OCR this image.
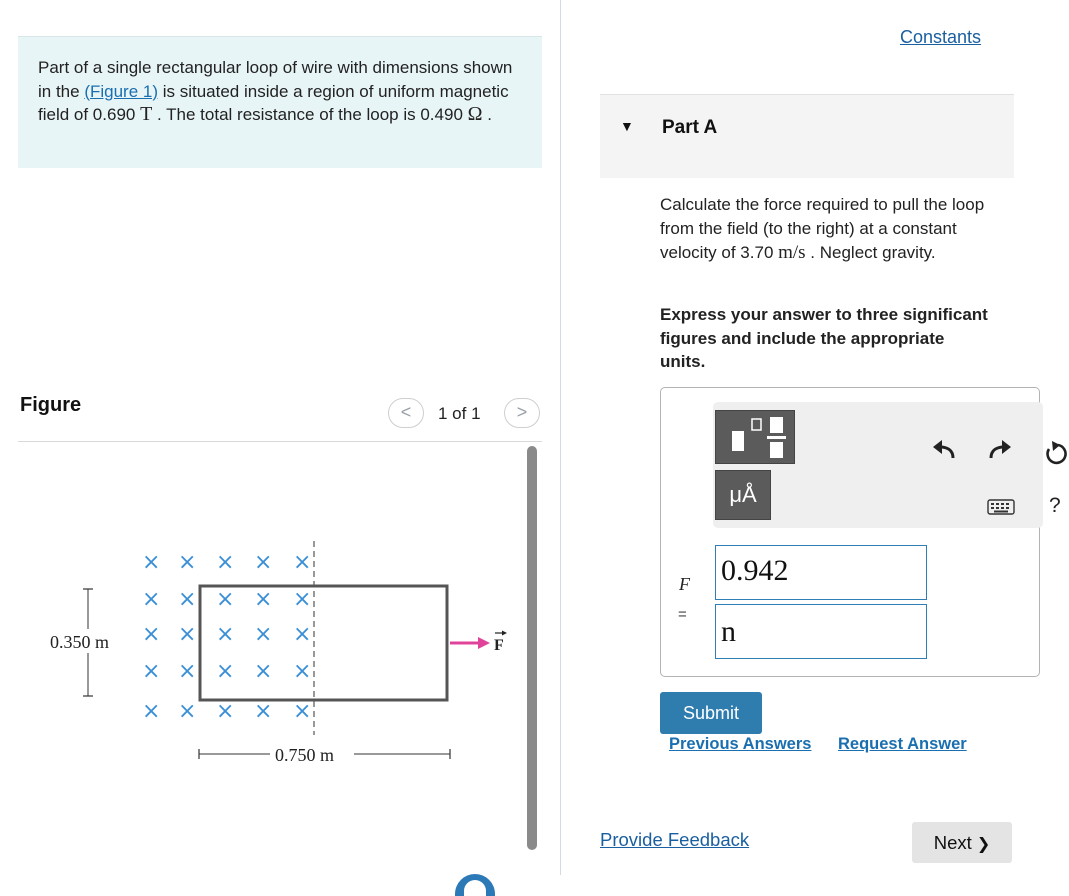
Part of a single rectangular loop of wire with dimensions shown in the (Figure 1) is situated inside a region of uniform magnetic field of 0.690 T . The total resistance of the loop is 0.490 Ω .
Figure	<	1 of 1	>
× × × × ×
× × × × ×
× × × × ×
× × × × ×
× × × × ×
0.350 m
0.750 m
F
Constants
▼ Part A
Calculate the force required to pull the loop from the field (to the right) at a constant velocity of 3.70 m/s . Neglect gravity.
Express your answer to three significant figures and include the appropriate units.
μÅ	?
F
=
0.942
n
Submit
Previous Answers Request Answer
Provide Feedback	Next ❯
